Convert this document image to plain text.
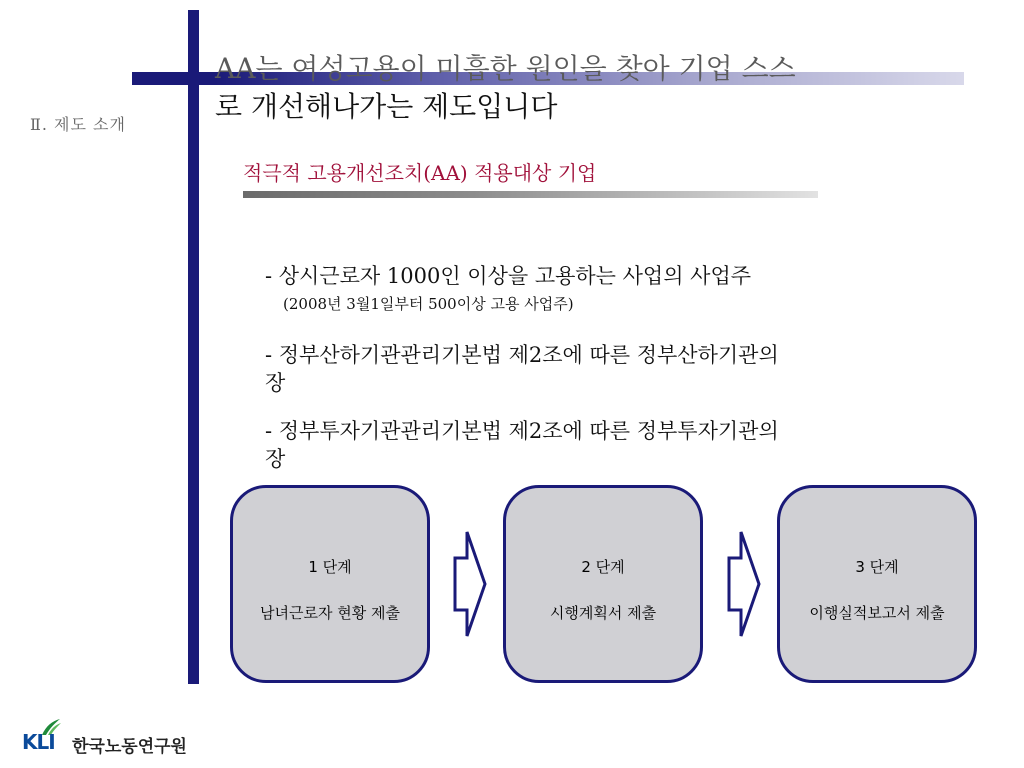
Ⅱ. 제도 소개
AA는 여성고용이 미흡한 원인을 찾아 기업 스스
로 개선해나가는 제도입니다
적극적 고용개선조치(AA) 적용대상 기업
- 상시근로자 1000인 이상을 고용하는 사업의 사업주
(2008년 3월1일부터 500이상 고용 사업주)
- 정부산하기관관리기본법 제2조에 따른 정부산하기관의
장
- 정부투자기관관리기본법 제2조에 따른 정부투자기관의
장
1 단계
남녀근로자 현황 제출
2 단계
시행계획서 제출
3 단계
이행실적보고서 제출
KLI 한국노동연구원
